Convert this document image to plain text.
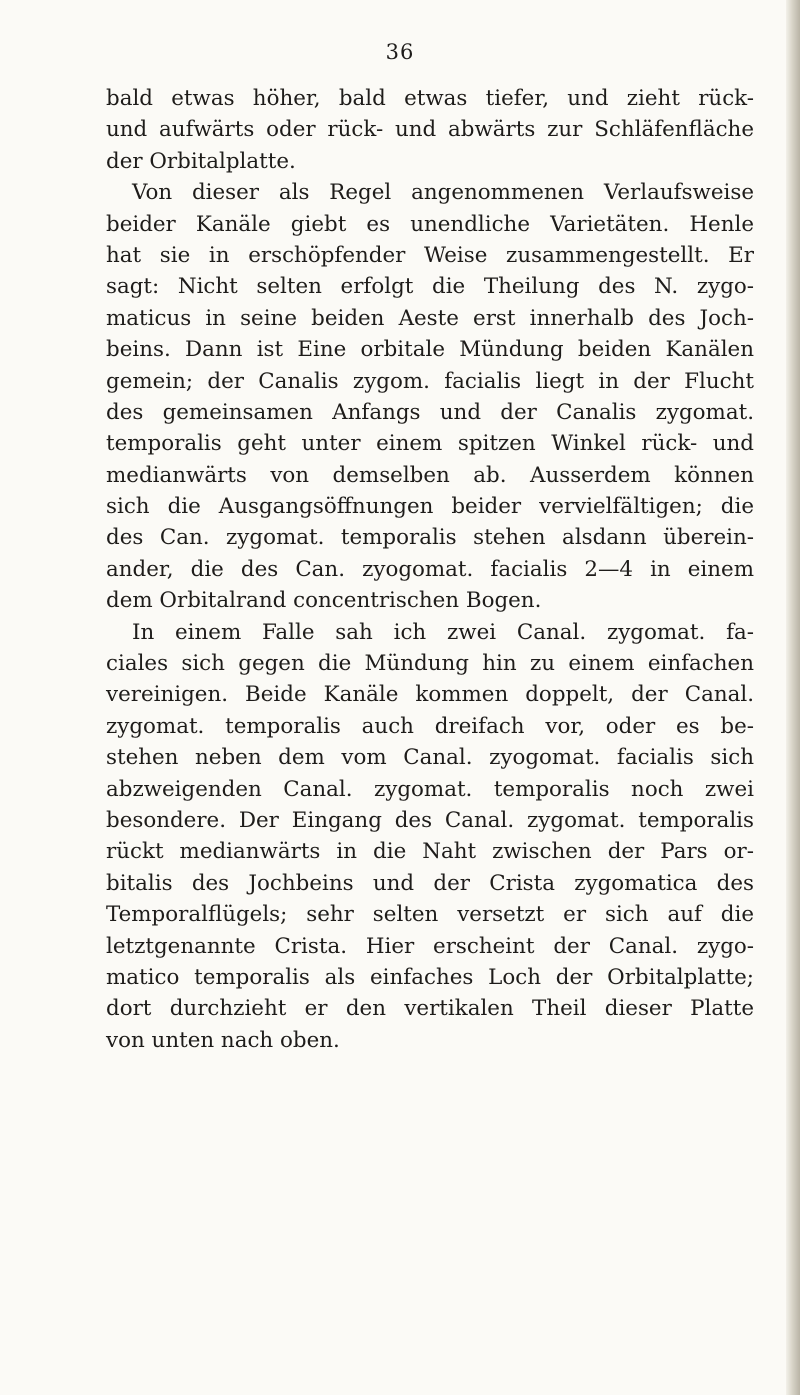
36
bald etwas höher, bald etwas tiefer, und zieht rück-
und aufwärts oder rück- und abwärts zur Schläfenfläche
der Orbitalplatte.
Von dieser als Regel angenommenen Verlaufsweise
beider Kanäle giebt es unendliche Varietäten. Henle
hat sie in erschöpfender Weise zusammengestellt. Er
sagt: Nicht selten erfolgt die Theilung des N. zygo-
maticus in seine beiden Aeste erst innerhalb des Joch-
beins. Dann ist Eine orbitale Mündung beiden Kanälen
gemein; der Canalis zygom. facialis liegt in der Flucht
des gemeinsamen Anfangs und der Canalis zygomat.
temporalis geht unter einem spitzen Winkel rück- und
medianwärts von demselben ab. Ausserdem können
sich die Ausgangsöffnungen beider vervielfältigen; die
des Can. zygomat. temporalis stehen alsdann überein-
ander, die des Can. zyogomat. facialis 2—4 in einem
dem Orbitalrand concentrischen Bogen.
In einem Falle sah ich zwei Canal. zygomat. fa-
ciales sich gegen die Mündung hin zu einem einfachen
vereinigen. Beide Kanäle kommen doppelt, der Canal.
zygomat. temporalis auch dreifach vor, oder es be-
stehen neben dem vom Canal. zyogomat. facialis sich
abzweigenden Canal. zygomat. temporalis noch zwei
besondere. Der Eingang des Canal. zygomat. temporalis
rückt medianwärts in die Naht zwischen der Pars or-
bitalis des Jochbeins und der Crista zygomatica des
Temporalflügels; sehr selten versetzt er sich auf die
letztgenannte Crista. Hier erscheint der Canal. zygo-
matico temporalis als einfaches Loch der Orbitalplatte;
dort durchzieht er den vertikalen Theil dieser Platte
von unten nach oben.
